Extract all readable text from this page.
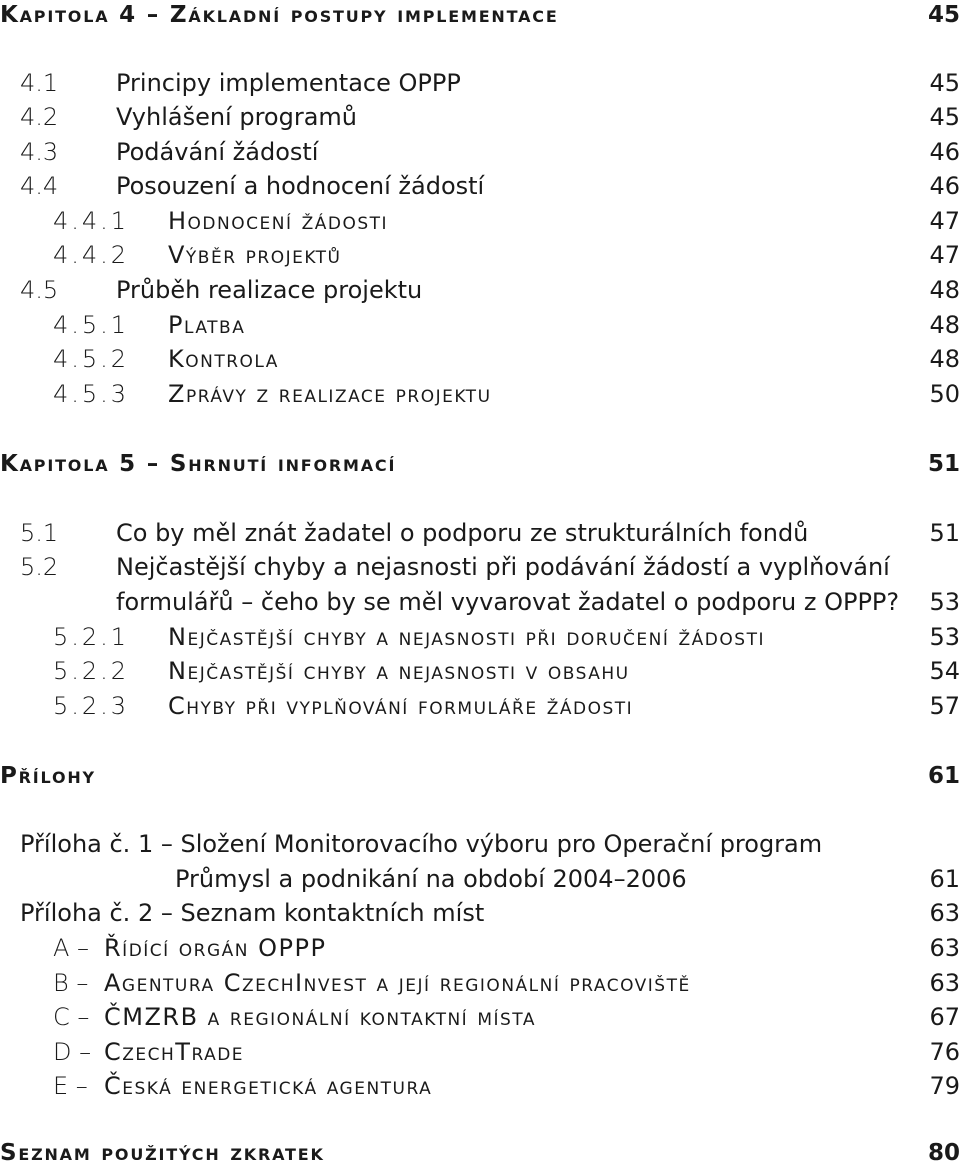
Kapitola 4 – Základní postupy implementace	45
4.1 Principy implementace OPPP	45
4.2 Vyhlášení programů	45
4.3 Podávání žádostí	46
4.4 Posouzení a hodnocení žádostí	46
4.4.1 Hodnocení žádosti	47
4.4.2 Výběr projektů	47
4.5 Průběh realizace projektu	48
4.5.1 Platba	48
4.5.2 Kontrola	48
4.5.3 Zprávy z realizace projektu	50
Kapitola 5 – Shrnutí informací	51
5.1 Co by měl znát žadatel o podporu ze strukturálních fondů	51
5.2 Nejčastější chyby a nejasnosti při podávání žádostí a vyplňování
formulářů – čeho by se měl vyvarovat žadatel o podporu z OPPP?	53
5.2.1 Nejčastější chyby a nejasnosti při doručení žádosti	53
5.2.2 Nejčastější chyby a nejasnosti v obsahu	54
5.2.3 Chyby při vyplňování formuláře žádosti	57
Přílohy	61
Příloha č. 1 – Složení Monitorovacího výboru pro Operační program
Průmysl a podnikání na období 2004–2006	61
Příloha č. 2 – Seznam kontaktních míst	63
A – Řídící orgán OPPP	63
B – Agentura CzechInvest a její regionální pracoviště	63
C – ČMZRB a regionální kontaktní místa	67
D – CzechTrade	76
E – Česká energetická agentura	79
Seznam použitých zkratek	80
